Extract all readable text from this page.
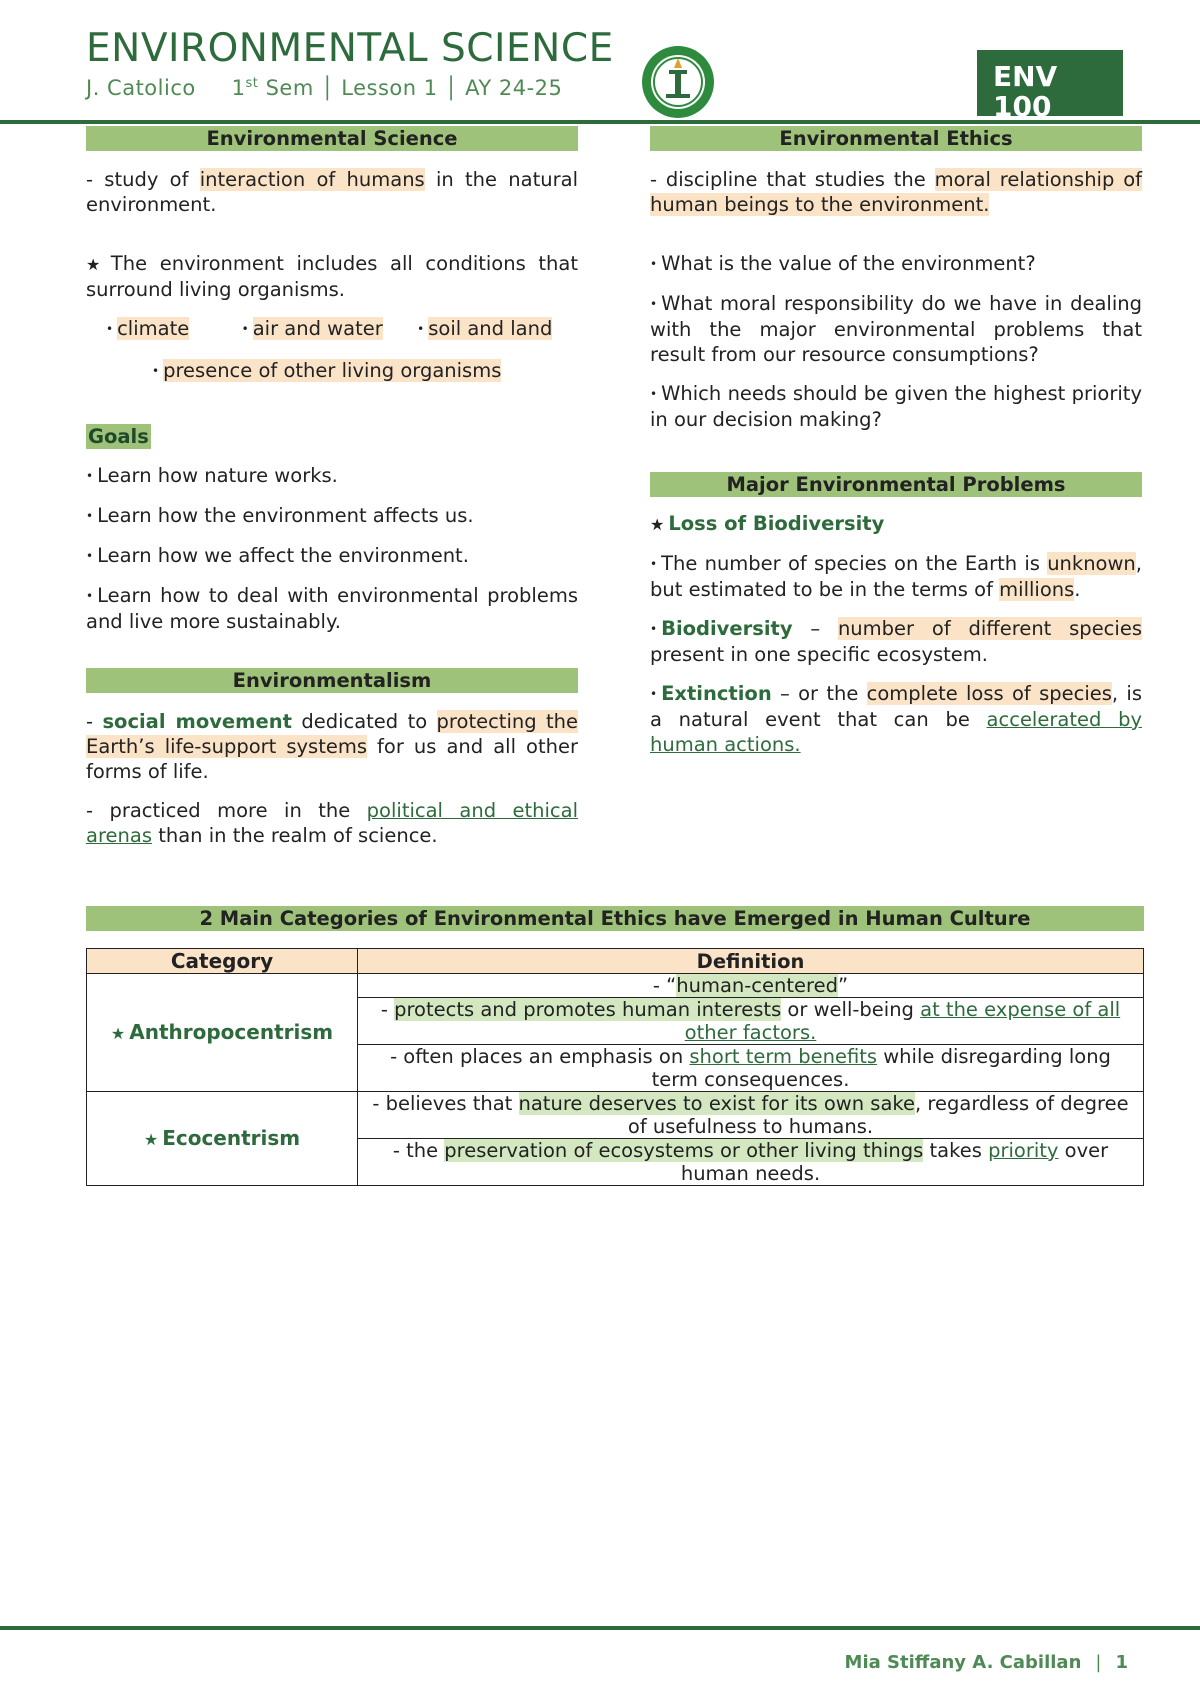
ENVIRONMENTAL SCIENCE
J. Catolico 1st Sem │ Lesson 1 │ AY 24-25	ENV 100
Environmental Science

- study of interaction of humans in the natural environment.

★ The environment includes all conditions that surround living organisms.

• climate	• air and water	• soil and land
• presence of other living organisms
Goals

• Learn how nature works.

• Learn how the environment affects us.

• Learn how we affect the environment.

• Learn how to deal with environmental problems and live more sustainably.

Environmentalism

- social movement dedicated to protecting the Earth’s life-support systems for us and all other forms of life.

- practiced more in the political and ethical arenas than in the realm of science.

Environmental Ethics

- discipline that studies the moral relationship of human beings to the environment.

• What is the value of the environment?

• What moral responsibility do we have in dealing with the major environmental problems that result from our resource consumptions?

• Which needs should be given the highest priority in our decision making?

Major Environmental Problems

★ Loss of Biodiversity

• The number of species on the Earth is unknown, but estimated to be in the terms of millions.

• Biodiversity – number of different species present in one specific ecosystem.

• Extinction – or the complete loss of species, is a natural event that can be accelerated by human actions.

2 Main Categories of Environmental Ethics have Emerged in Human Culture
Category	Definition
★ Anthropocentrism	- “human-centered”
	- protects and promotes human interests or well-being at the expense of all other factors.
	- often places an emphasis on short term benefits while disregarding long term consequences.
★ Ecocentrism	- believes that nature deserves to exist for its own sake, regardless of degree of usefulness to humans.
	- the preservation of ecosystems or other living things takes priority over human needs.
Mia Stiffany A. Cabillan | 1
